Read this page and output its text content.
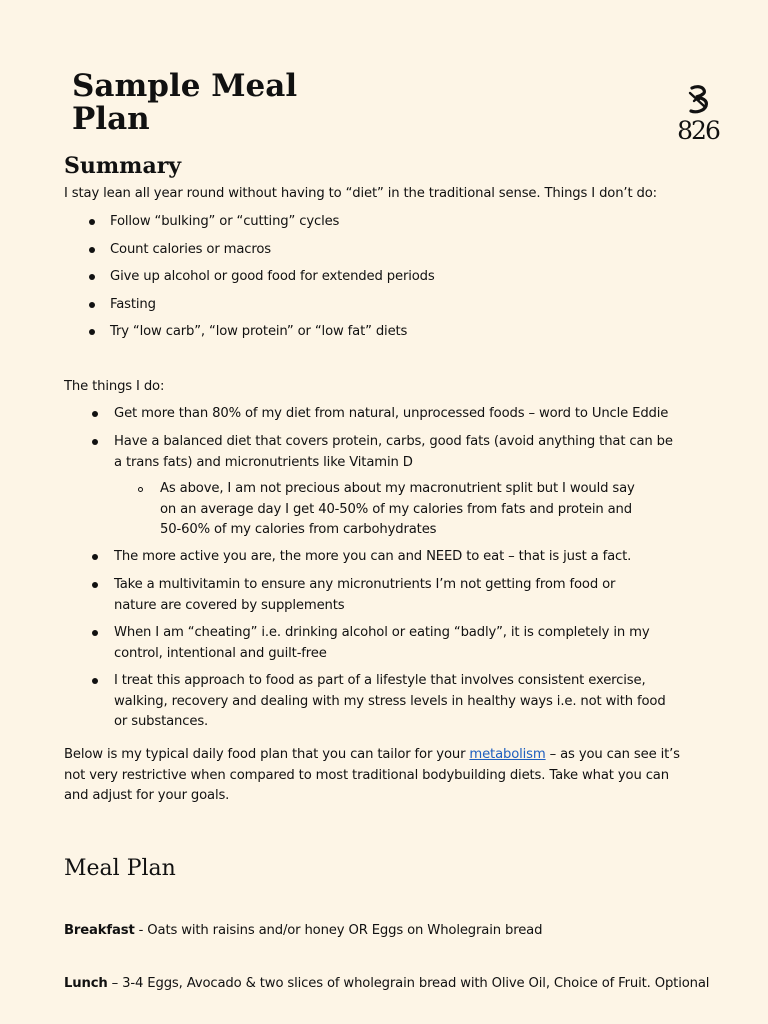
Sample Meal Plan	826
Summary

I stay lean all year round without having to “diet” in the traditional sense. Things I don’t do:

Follow “bulking” or “cutting” cycles
Count calories or macros
Give up alcohol or good food for extended periods
Fasting
Try “low carb”, “low protein” or “low fat” diets

The things I do:

Get more than 80% of my diet from natural, unprocessed foods – word to Uncle Eddie
Have a balanced diet that covers protein, carbs, good fats (avoid anything that can be a trans fats) and micronutrients like Vitamin D
As above, I am not precious about my macronutrient split but I would say on an average day I get 40-50% of my calories from fats and protein and 50-60% of my calories from carbohydrates
The more active you are, the more you can and NEED to eat – that is just a fact.
Take a multivitamin to ensure any micronutrients I’m not getting from food or nature are covered by supplements
When I am “cheating” i.e. drinking alcohol or eating “badly”, it is completely in my control, intentional and guilt-free
I treat this approach to food as part of a lifestyle that involves consistent exercise, walking, recovery and dealing with my stress levels in healthy ways i.e. not with food or substances.

Below is my typical daily food plan that you can tailor for your metabolism – as you can see it’s not very restrictive when compared to most traditional bodybuilding diets. Take what you can and adjust for your goals.

Meal Plan

Breakfast - Oats with raisins and/or honey OR Eggs on Wholegrain bread

Lunch – 3-4 Eggs, Avocado & two slices of wholegrain bread with Olive Oil, Choice of Fruit. Optional
